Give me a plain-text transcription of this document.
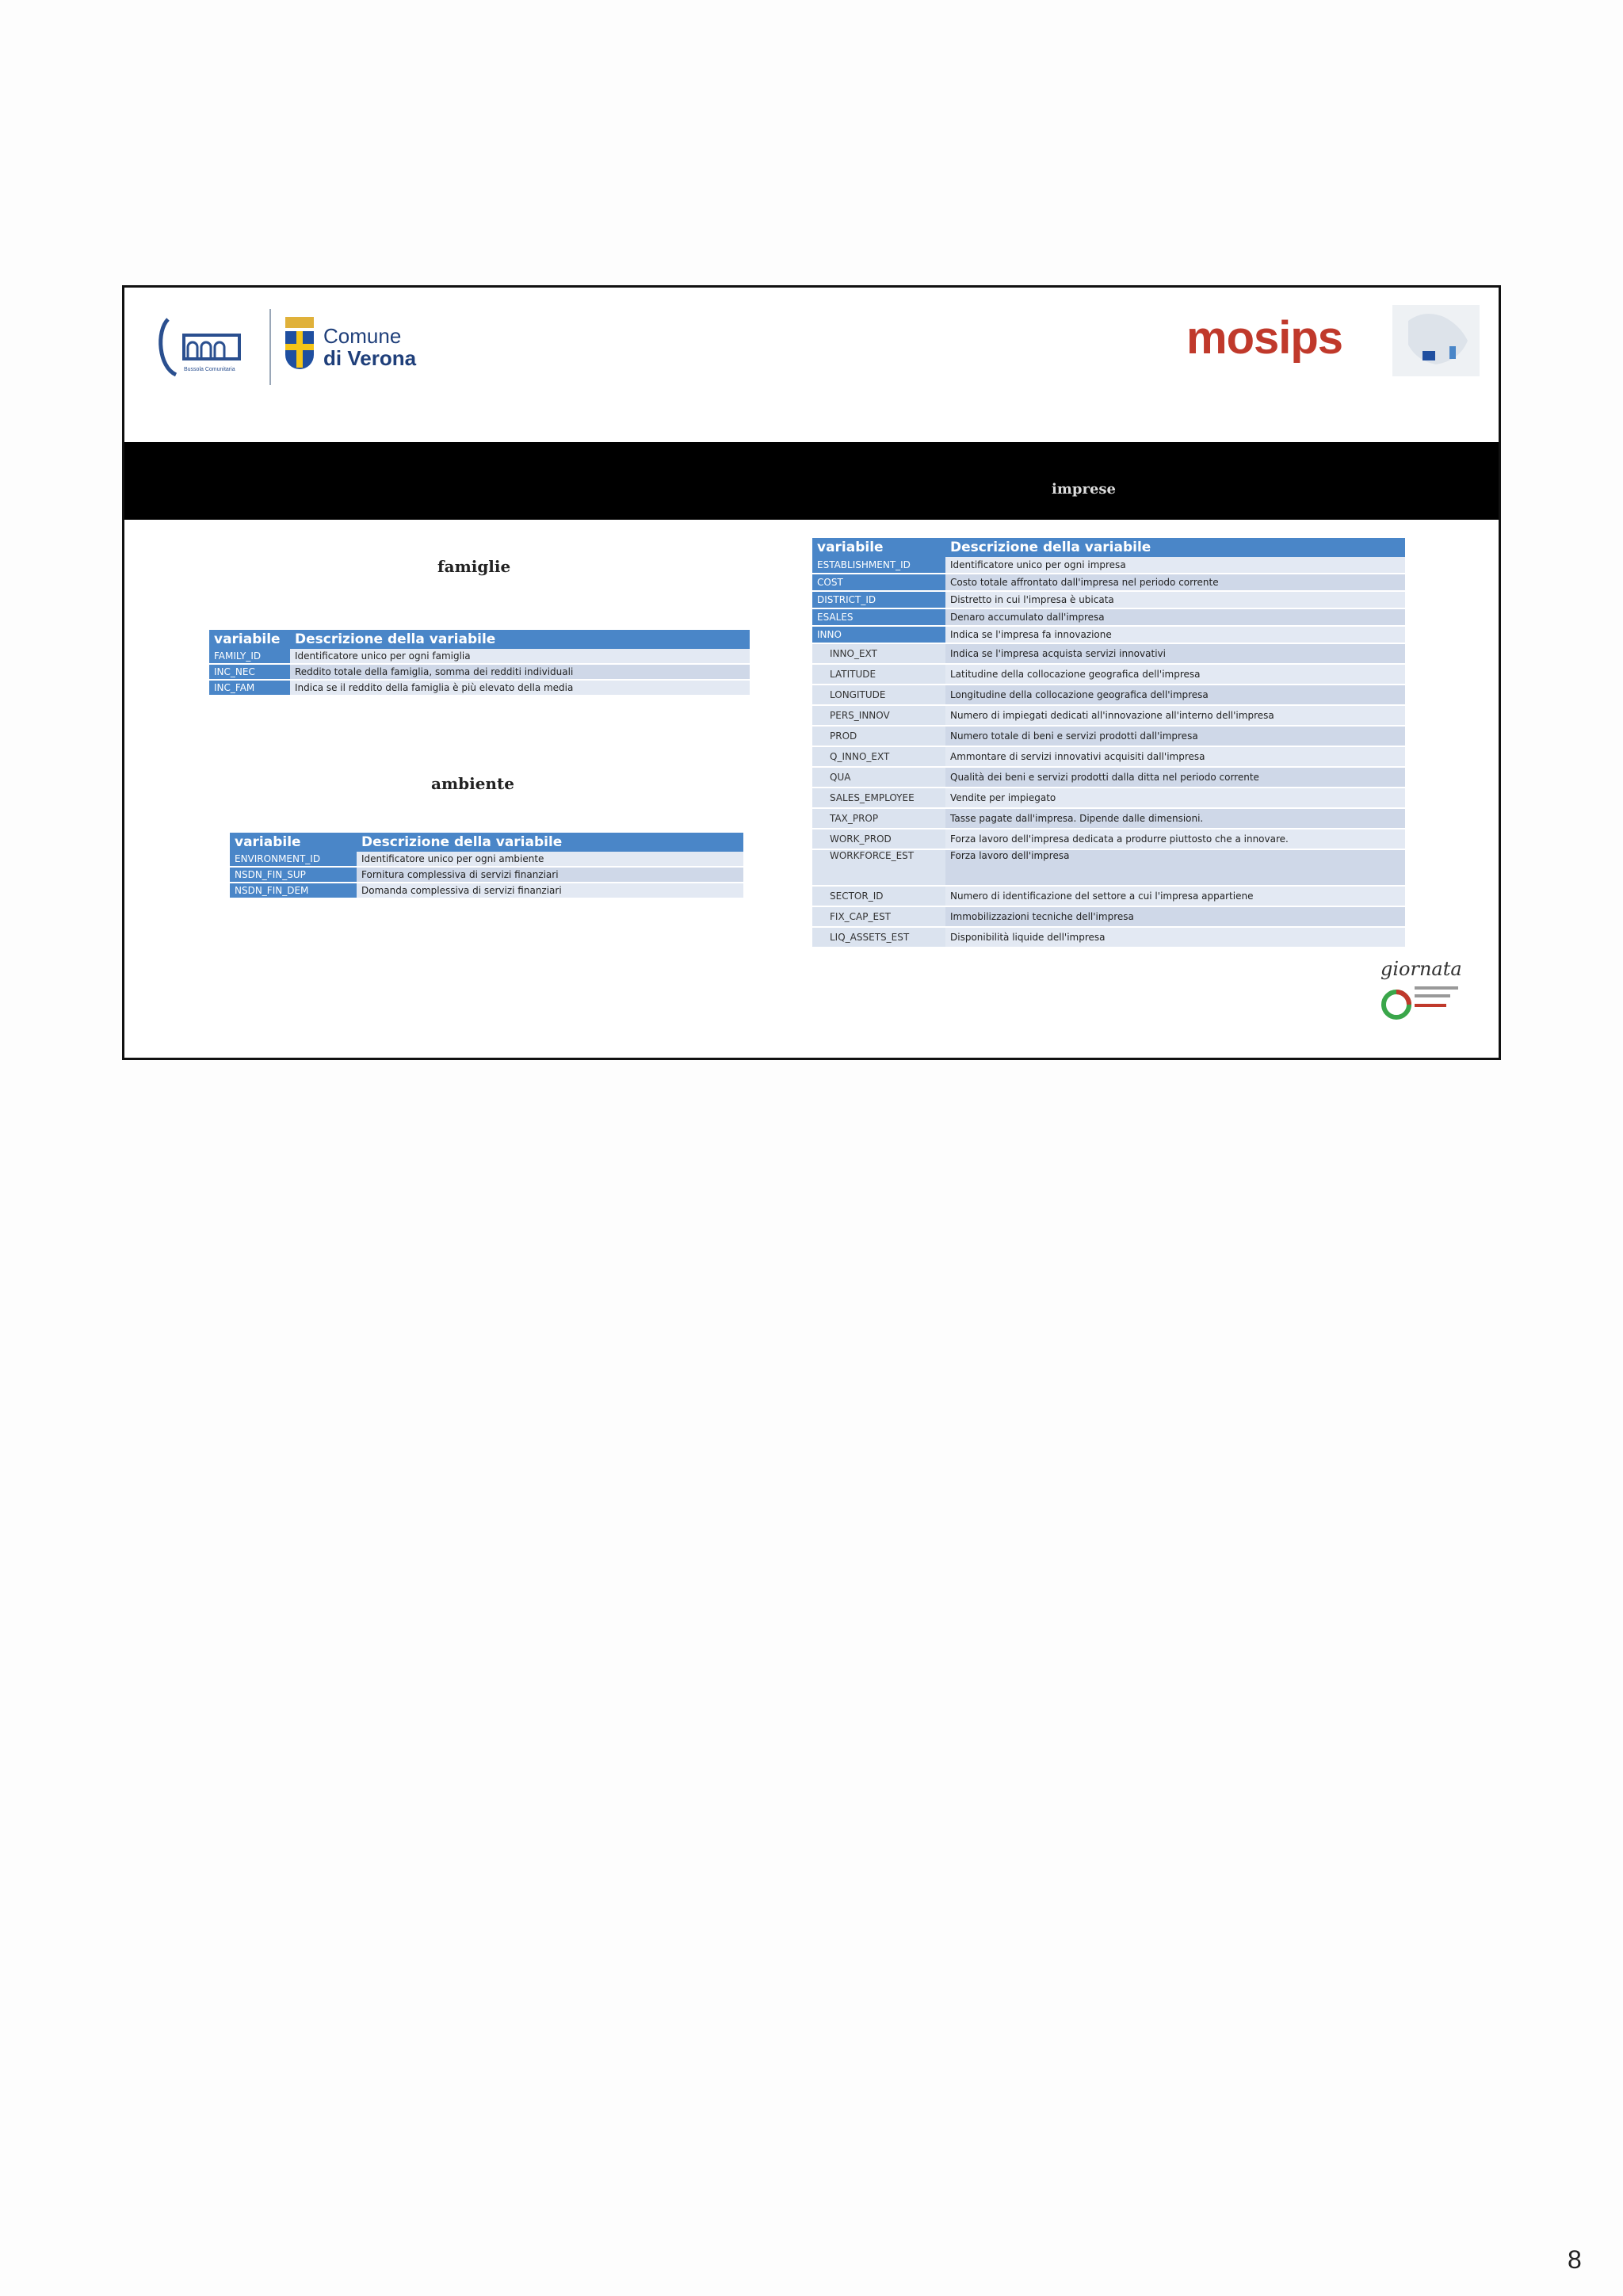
Bussola Comunitaria
Comune
di Verona	mosips
imprese
famiglie
variabile	Descrizione della variabile
FAMILY_ID	Identificatore unico per ogni famiglia
INC_NEC	Reddito totale della famiglia, somma dei redditi individuali
INC_FAM	Indica se il reddito della famiglia è più elevato della media
ambiente
variabile	Descrizione della variabile
ENVIRONMENT_ID	Identificatore unico per ogni ambiente
NSDN_FIN_SUP	Fornitura complessiva di servizi finanziari
NSDN_FIN_DEM	Domanda complessiva di servizi finanziari
variabile	Descrizione della variabile
ESTABLISHMENT_ID	Identificatore unico per ogni impresa
COST	Costo totale affrontato dall'impresa nel periodo corrente
DISTRICT_ID	Distretto in cui l'impresa è ubicata
ESALES	Denaro accumulato dall'impresa
INNO	Indica se l'impresa fa innovazione
INNO_EXT	Indica se l'impresa acquista servizi innovativi
LATITUDE	Latitudine della collocazione geografica dell'impresa
LONGITUDE	Longitudine della collocazione geografica dell'impresa
PERS_INNOV	Numero di impiegati dedicati all'innovazione all'interno dell'impresa
PROD	Numero totale di beni e servizi prodotti dall'impresa
Q_INNO_EXT	Ammontare di servizi innovativi acquisiti dall'impresa
QUA	Qualità dei beni e servizi prodotti dalla ditta nel periodo corrente
SALES_EMPLOYEE	Vendite per impiegato
TAX_PROP	Tasse pagate dall'impresa. Dipende dalle dimensioni.
WORK_PROD	Forza lavoro dell'impresa dedicata a produrre piuttosto che a innovare.
WORKFORCE_EST	Forza lavoro dell'impresa
SECTOR_ID	Numero di identificazione del settore a cui l'impresa appartiene
FIX_CAP_EST	Immobilizzazioni tecniche dell'impresa
LIQ_ASSETS_EST	Disponibilità liquide dell'impresa
giornata
8
